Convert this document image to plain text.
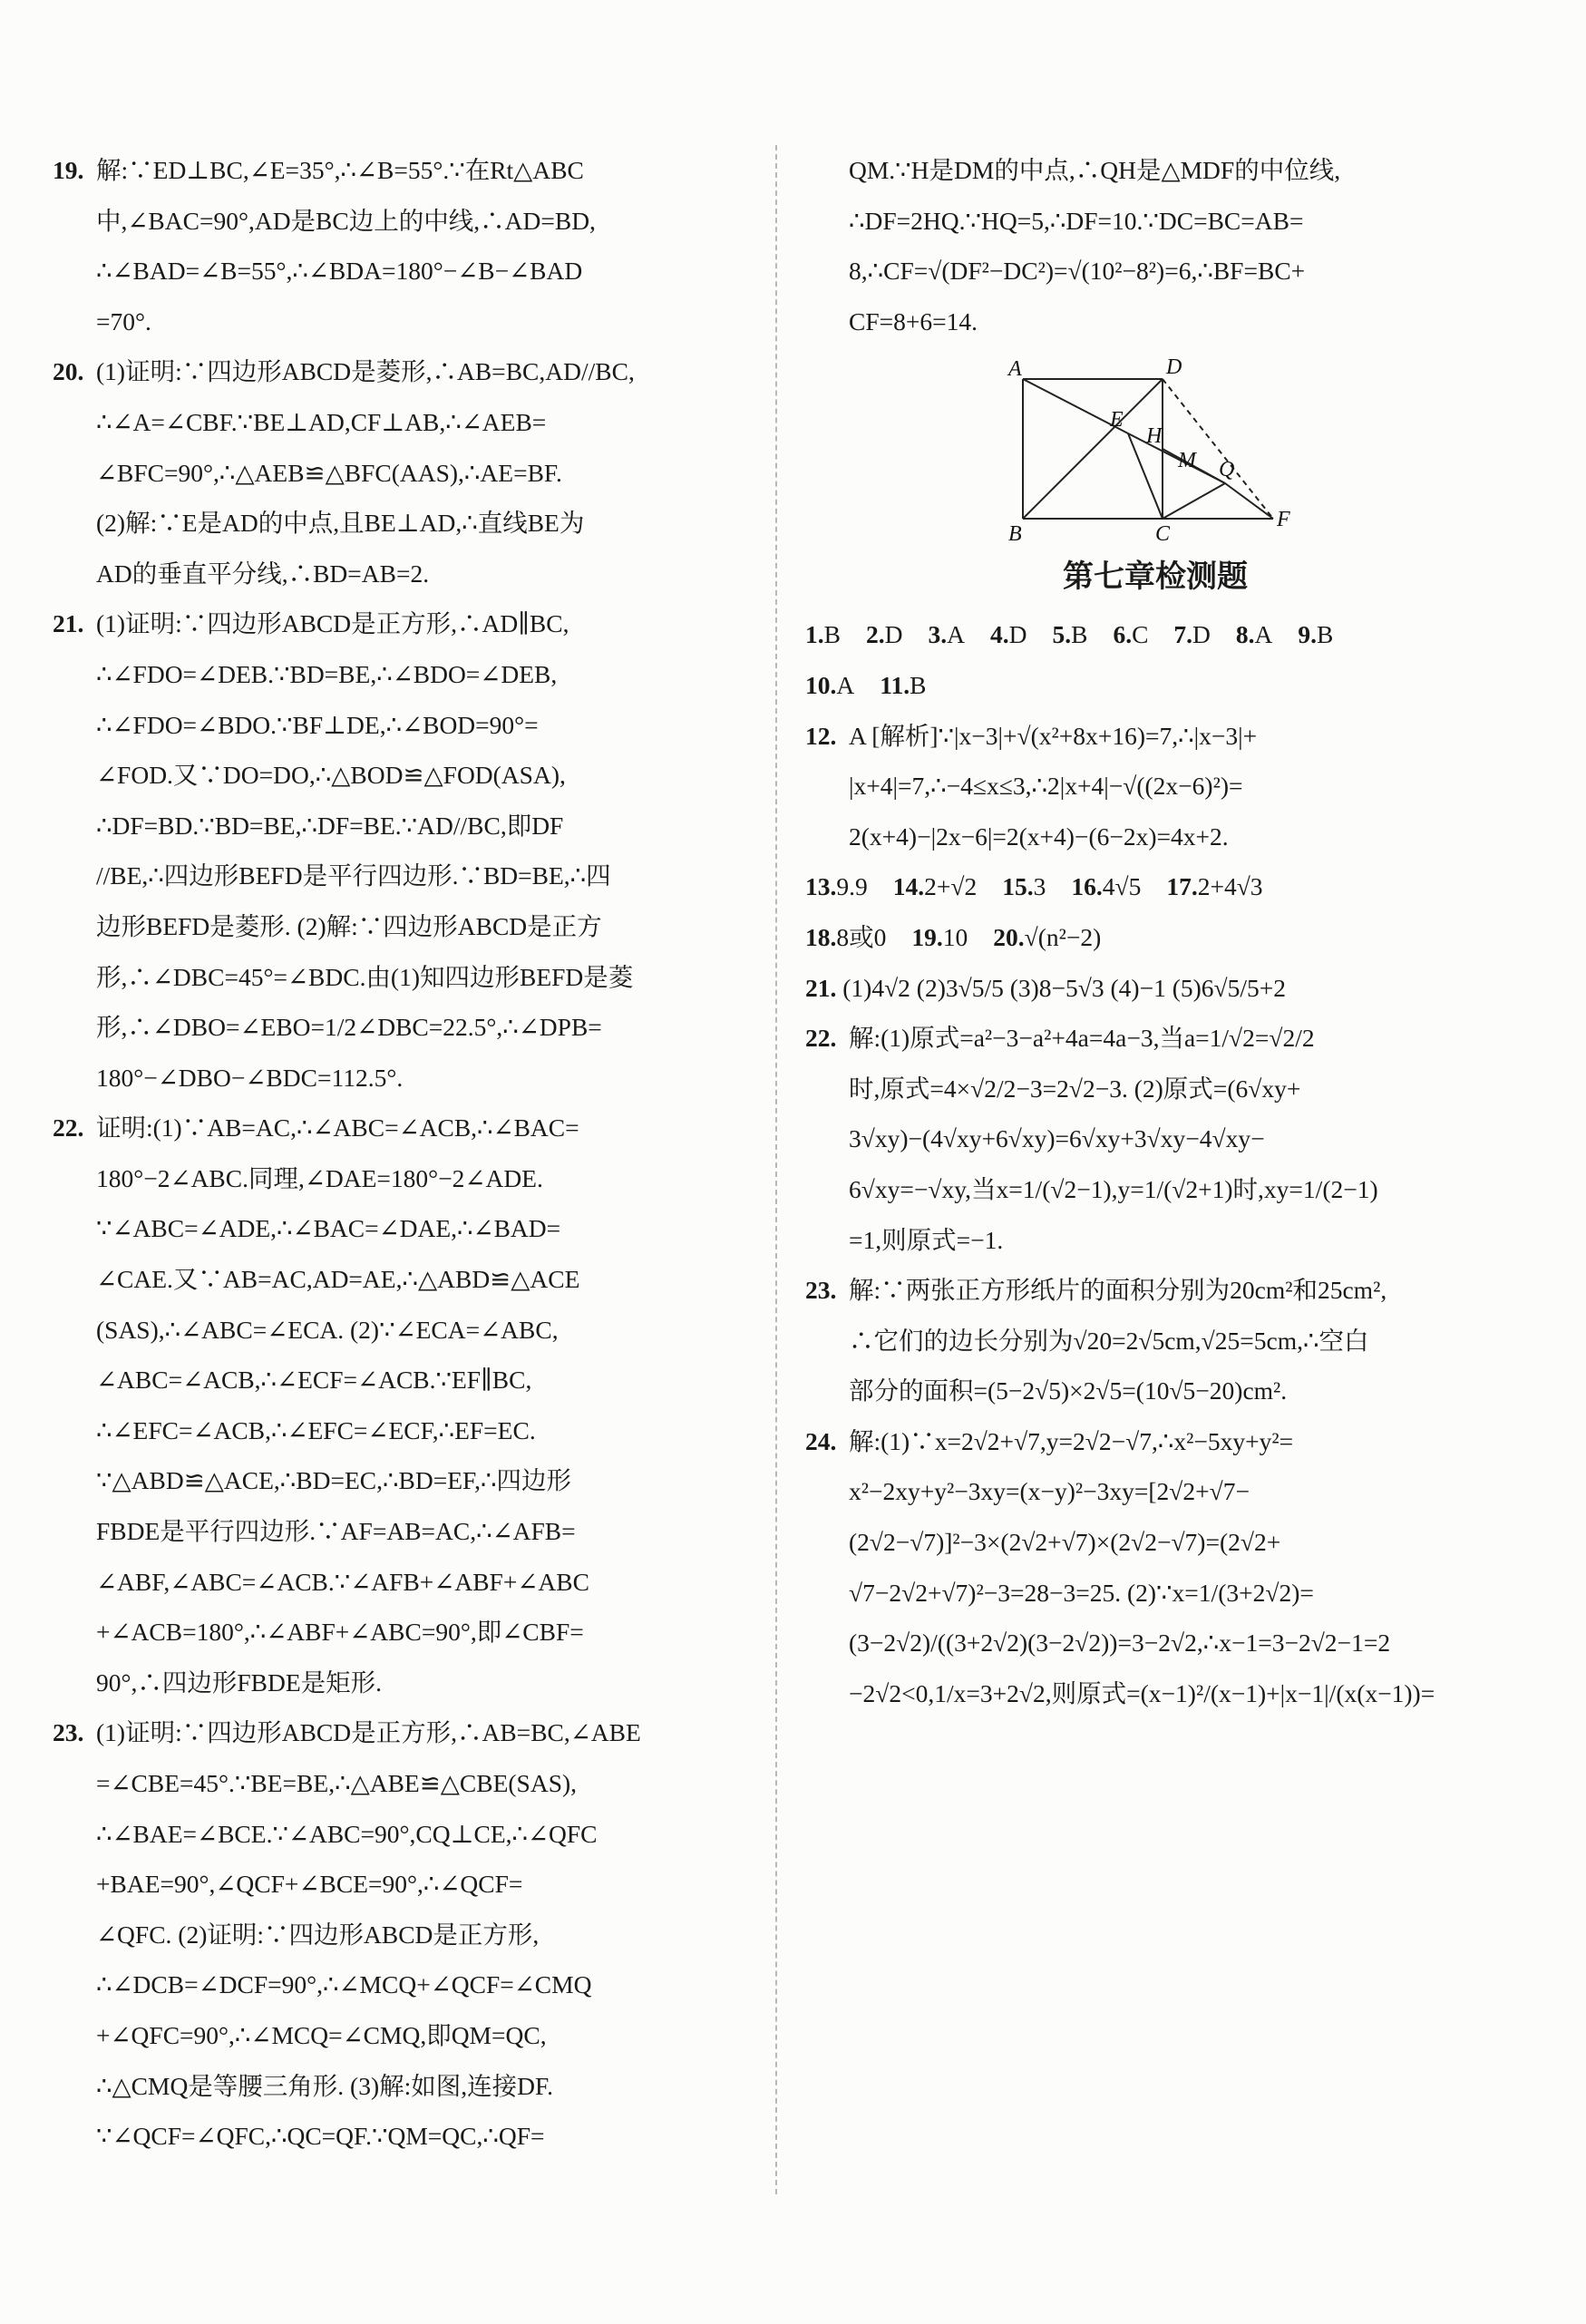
19. 解:∵ED⊥BC,∠E=35°,∴∠B=55°.∵在Rt△ABC

中,∠BAC=90°,AD是BC边上的中线,∴AD=BD,

∴∠BAD=∠B=55°,∴∠BDA=180°−∠B−∠BAD

=70°.

20. (1)证明:∵四边形ABCD是菱形,∴AB=BC,AD//BC,

∴∠A=∠CBF.∵BE⊥AD,CF⊥AB,∴∠AEB=

∠BFC=90°,∴△AEB≌△BFC(AAS),∴AE=BF.

(2)解:∵E是AD的中点,且BE⊥AD,∴直线BE为

AD的垂直平分线,∴BD=AB=2.

21. (1)证明:∵四边形ABCD是正方形,∴AD∥BC,

∴∠FDO=∠DEB.∵BD=BE,∴∠BDO=∠DEB,

∴∠FDO=∠BDO.∵BF⊥DE,∴∠BOD=90°=

∠FOD.又∵DO=DO,∴△BOD≌△FOD(ASA),

∴DF=BD.∵BD=BE,∴DF=BE.∵AD//BC,即DF

//BE,∴四边形BEFD是平行四边形.∵BD=BE,∴四

边形BEFD是菱形. (2)解:∵四边形ABCD是正方

形,∴∠DBC=45°=∠BDC.由(1)知四边形BEFD是菱

形,∴∠DBO=∠EBO=1/2∠DBC=22.5°,∴∠DPB=

180°−∠DBO−∠BDC=112.5°.

22. 证明:(1)∵AB=AC,∴∠ABC=∠ACB,∴∠BAC=

180°−2∠ABC.同理,∠DAE=180°−2∠ADE.

∵∠ABC=∠ADE,∴∠BAC=∠DAE,∴∠BAD=

∠CAE.又∵AB=AC,AD=AE,∴△ABD≌△ACE

(SAS),∴∠ABC=∠ECA. (2)∵∠ECA=∠ABC,

∠ABC=∠ACB,∴∠ECF=∠ACB.∵EF∥BC,

∴∠EFC=∠ACB,∴∠EFC=∠ECF,∴EF=EC.

∵△ABD≌△ACE,∴BD=EC,∴BD=EF,∴四边形

FBDE是平行四边形.∵AF=AB=AC,∴∠AFB=

∠ABF,∠ABC=∠ACB.∵∠AFB+∠ABF+∠ABC

+∠ACB=180°,∴∠ABF+∠ABC=90°,即∠CBF=

90°,∴四边形FBDE是矩形.

23. (1)证明:∵四边形ABCD是正方形,∴AB=BC,∠ABE

=∠CBE=45°.∵BE=BE,∴△ABE≌△CBE(SAS),

∴∠BAE=∠BCE.∵∠ABC=90°,CQ⊥CE,∴∠QFC

+BAE=90°,∠QCF+∠BCE=90°,∴∠QCF=

∠QFC. (2)证明:∵四边形ABCD是正方形,

∴∠DCB=∠DCF=90°,∴∠MCQ+∠QCF=∠CMQ

+∠QFC=90°,∴∠MCQ=∠CMQ,即QM=QC,

∴△CMQ是等腰三角形. (3)解:如图,连接DF.

∵∠QCF=∠QFC,∴QC=QF.∵QM=QC,∴QF=

QM.∵H是DM的中点,∴QH是△MDF的中位线,

∴DF=2HQ.∵HQ=5,∴DF=10.∵DC=BC=AB=

8,∴CF=√(DF²−DC²)=√(10²−8²)=6,∴BF=BC+

CF=8+6=14.

A	D
E
H
M Q
B	C
F
第七章检测题

1.B 2.D 3.A 4.D 5.B 6.C 7.D 8.A 9.B

10.A 11.B

12. A [解析]∵|x−3|+√(x²+8x+16)=7,∴|x−3|+

|x+4|=7,∴−4≤x≤3,∴2|x+4|−√((2x−6)²)=

2(x+4)−|2x−6|=2(x+4)−(6−2x)=4x+2.

13.9.9 14.2+√2 15.3 16.4√5 17.2+4√3

18.8或0 19.10 20.√(n²−2)

21. (1)4√2 (2)3√5/5 (3)8−5√3 (4)−1 (5)6√5/5+2

22. 解:(1)原式=a²−3−a²+4a=4a−3,当a=1/√2=√2/2

时,原式=4×√2/2−3=2√2−3. (2)原式=(6√xy+

3√xy)−(4√xy+6√xy)=6√xy+3√xy−4√xy−

6√xy=−√xy,当x=1/(√2−1),y=1/(√2+1)时,xy=1/(2−1)

=1,则原式=−1.

23. 解:∵两张正方形纸片的面积分别为20cm²和25cm²,

∴它们的边长分别为√20=2√5cm,√25=5cm,∴空白

部分的面积=(5−2√5)×2√5=(10√5−20)cm².

24. 解:(1)∵x=2√2+√7,y=2√2−√7,∴x²−5xy+y²=

x²−2xy+y²−3xy=(x−y)²−3xy=[2√2+√7−

(2√2−√7)]²−3×(2√2+√7)×(2√2−√7)=(2√2+

√7−2√2+√7)²−3=28−3=25. (2)∵x=1/(3+2√2)=

(3−2√2)/((3+2√2)(3−2√2))=3−2√2,∴x−1=3−2√2−1=2

−2√2<0,1/x=3+2√2,则原式=(x−1)²/(x−1)+|x−1|/(x(x−1))=
